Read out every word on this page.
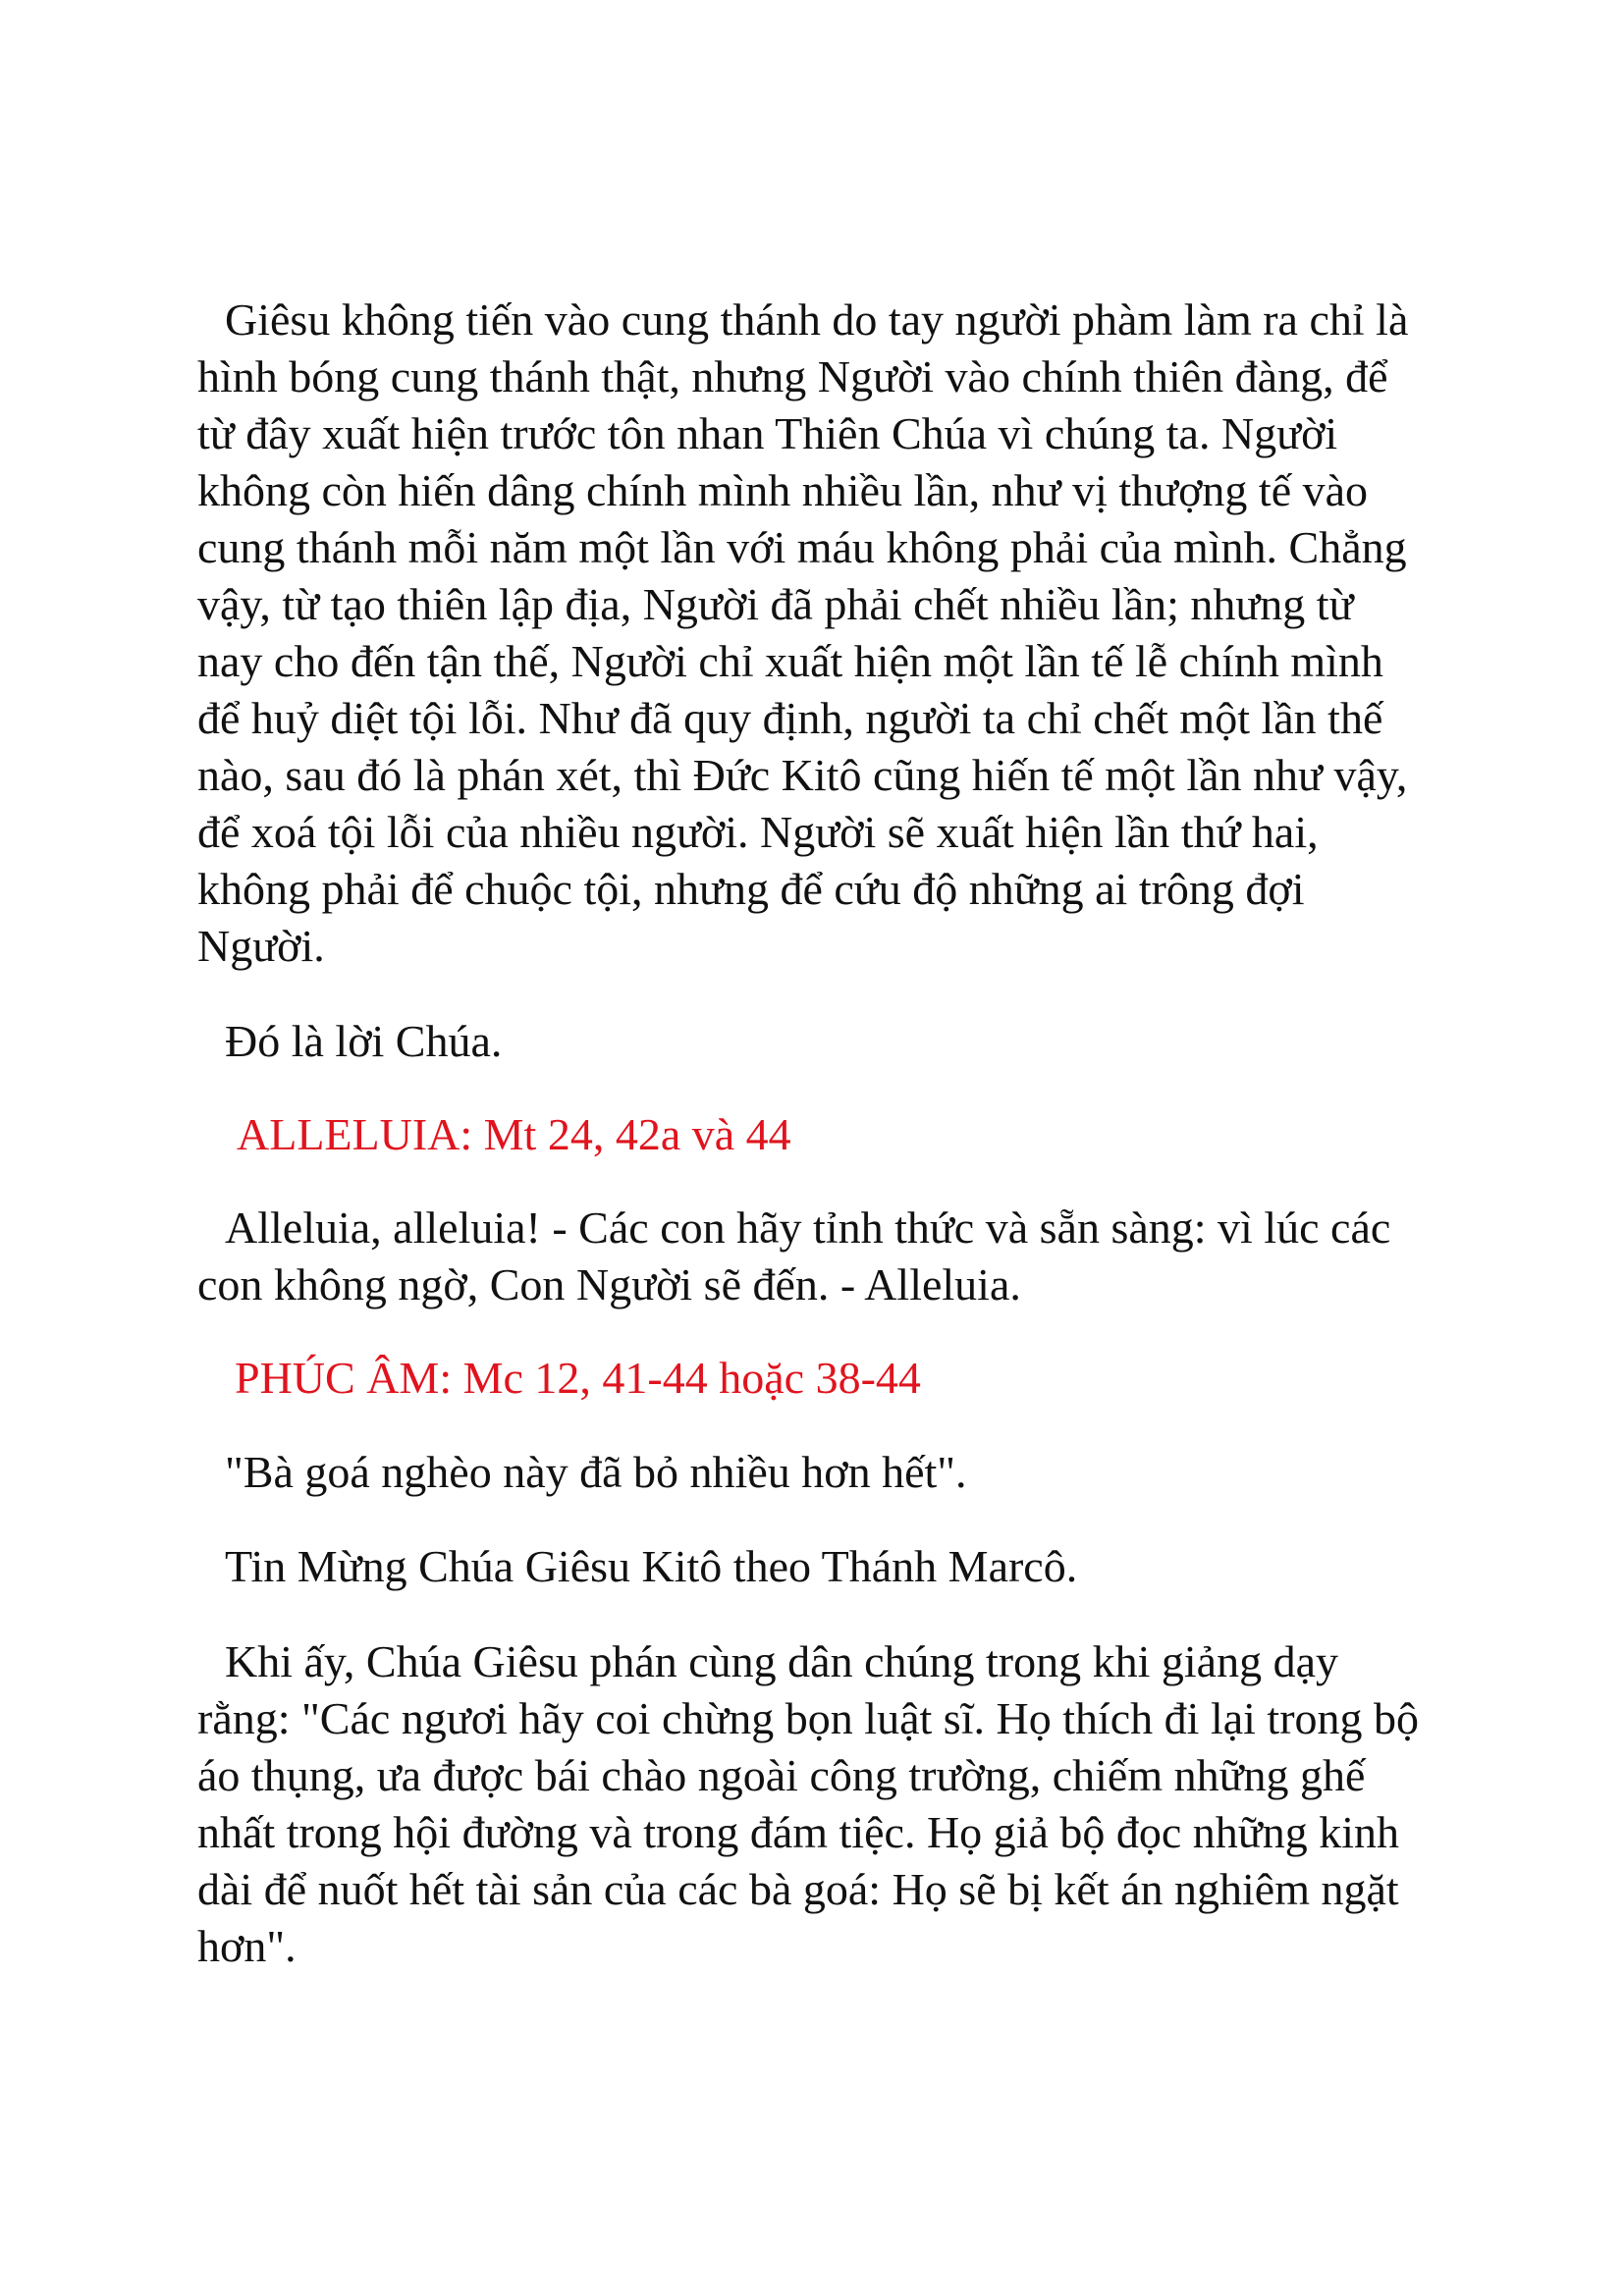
Giêsu không tiến vào cung thánh do tay người phàm làm ra chỉ là
hình bóng cung thánh thật, nhưng Người vào chính thiên đàng, để
từ đây xuất hiện trước tôn nhan Thiên Chúa vì chúng ta. Người
không còn hiến dâng chính mình nhiều lần, như vị thượng tế vào
cung thánh mỗi năm một lần với máu không phải của mình. Chẳng
vậy, từ tạo thiên lập địa, Người đã phải chết nhiều lần; nhưng từ
nay cho đến tận thế, Người chỉ xuất hiện một lần tế lễ chính mình
để huỷ diệt tội lỗi. Như đã quy định, người ta chỉ chết một lần thế
nào, sau đó là phán xét, thì Đức Kitô cũng hiến tế một lần như vậy,
để xoá tội lỗi của nhiều người. Người sẽ xuất hiện lần thứ hai,
không phải để chuộc tội, nhưng để cứu độ những ai trông đợi
Người.

Đó là lời Chúa.

ALLELUIA: Mt 24, 42a và 44

Alleluia, alleluia! - Các con hãy tỉnh thức và sẵn sàng: vì lúc các
con không ngờ, Con Người sẽ đến. - Alleluia.

PHÚC ÂM: Mc 12, 41-44 hoặc 38-44

"Bà goá nghèo này đã bỏ nhiều hơn hết".

Tin Mừng Chúa Giêsu Kitô theo Thánh Marcô.

Khi ấy, Chúa Giêsu phán cùng dân chúng trong khi giảng dạy
rằng: "Các ngươi hãy coi chừng bọn luật sĩ. Họ thích đi lại trong bộ
áo thụng, ưa được bái chào ngoài công trường, chiếm những ghế
nhất trong hội đường và trong đám tiệc. Họ giả bộ đọc những kinh
dài để nuốt hết tài sản của các bà goá: Họ sẽ bị kết án nghiêm ngặt
hơn".
